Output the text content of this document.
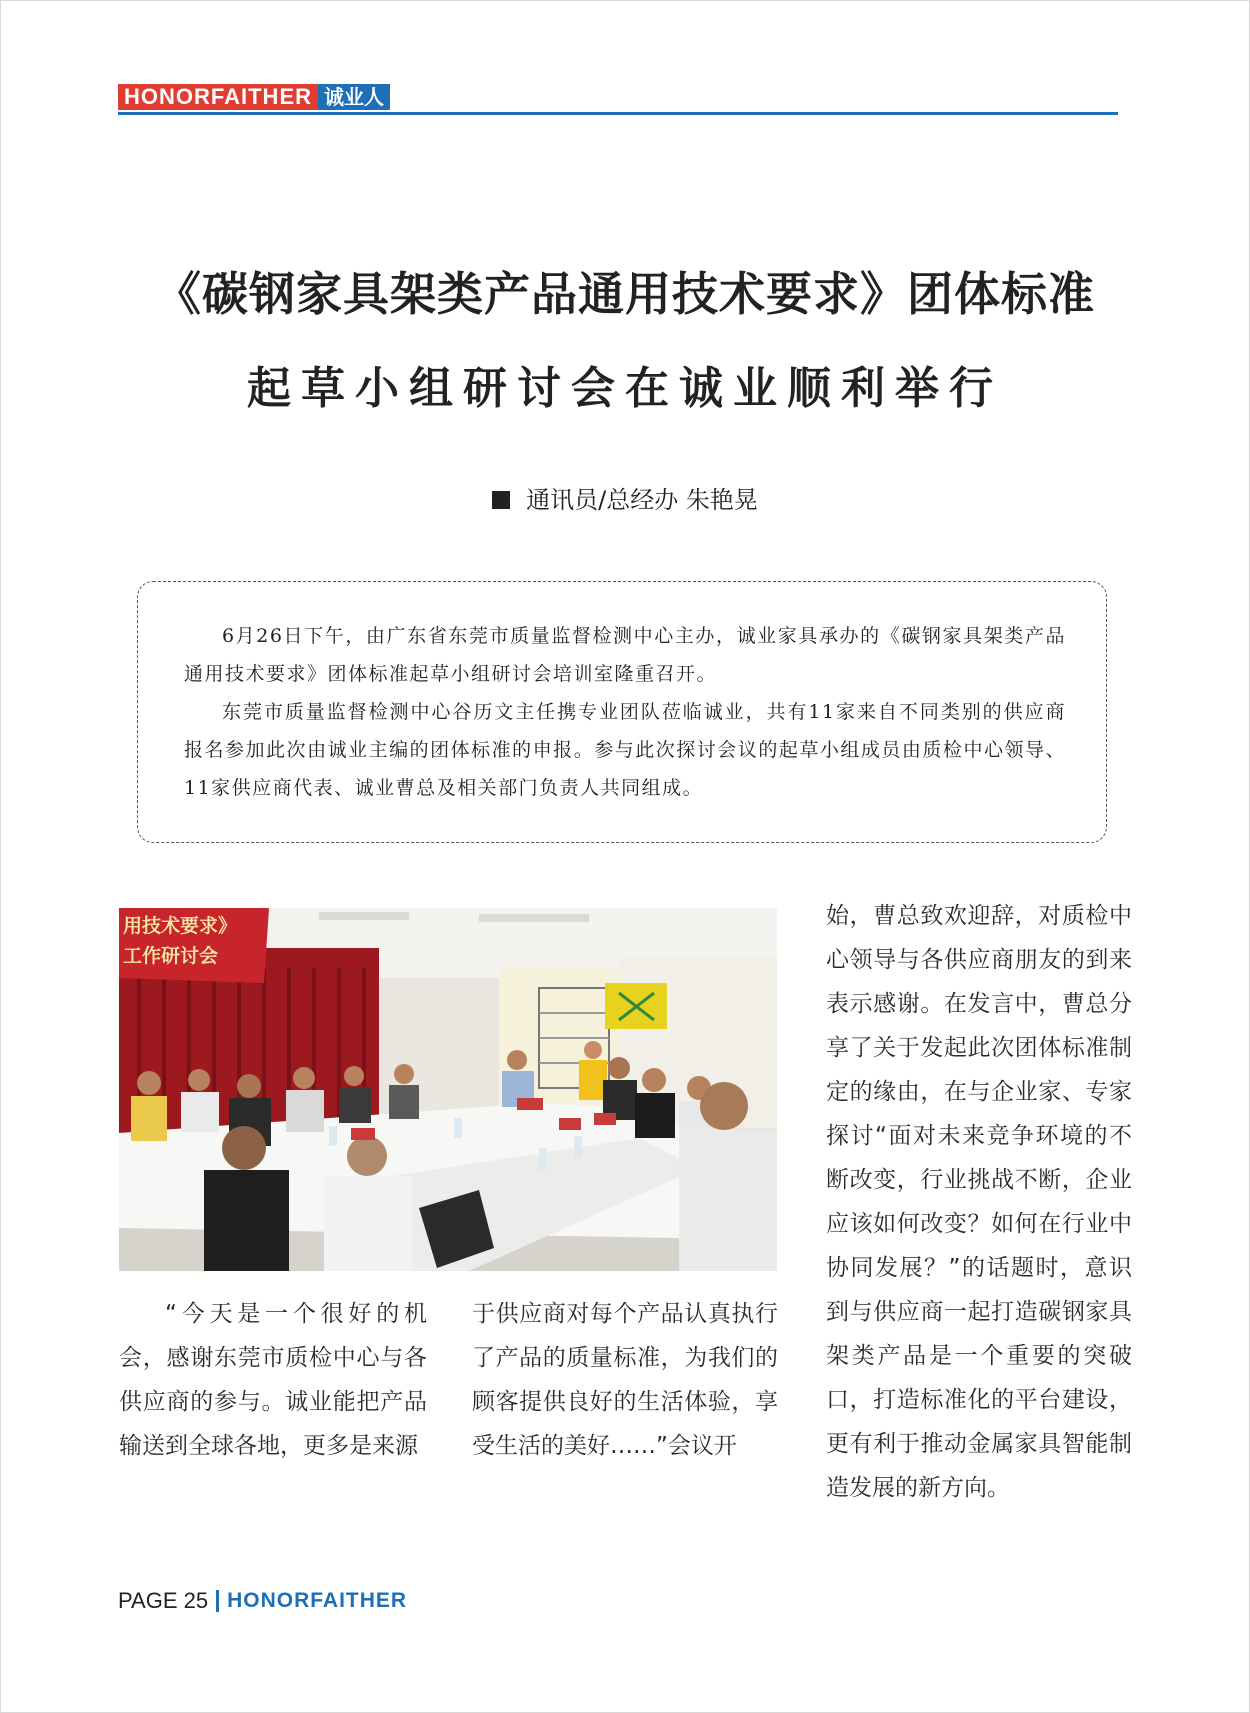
HONORFAITHER 诚业人
《碳钢家具架类产品通用技术要求》团体标准
起草小组研讨会在诚业顺利举行
通讯员/总经办 朱艳晃

6月26日下午，由广东省东莞市质量监督检测中心主办，诚业家具承办的《碳钢家具架类产品通用技术要求》团体标准起草小组研讨会培训室隆重召开。

东莞市质量监督检测中心谷历文主任携专业团队莅临诚业，共有11家来自不同类别的供应商报名参加此次由诚业主编的团体标准的申报。参与此次探讨会议的起草小组成员由质检中心领导、11家供应商代表、诚业曹总及相关部门负责人共同组成。

用技术要求》
工作研讨会

“今天是一个很好的机会，感谢东莞市质检中心与各供应商的参与。诚业能把产品输送到全球各地，更多是来源

于供应商对每个产品认真执行了产品的质量标准，为我们的顾客提供良好的生活体验，享受生活的美好……”会议开

始，曹总致欢迎辞，对质检中心领导与各供应商朋友的到来表示感谢。在发言中，曹总分享了关于发起此次团体标准制定的缘由，在与企业家、专家探讨“面对未来竞争环境的不断改变，行业挑战不断，企业应该如何改变？如何在行业中协同发展？”的话题时，意识到与供应商一起打造碳钢家具架类产品是一个重要的突破口，打造标准化的平台建设，更有利于推动金属家具智能制造发展的新方向。

PAGE 25 HONORFAITHER
